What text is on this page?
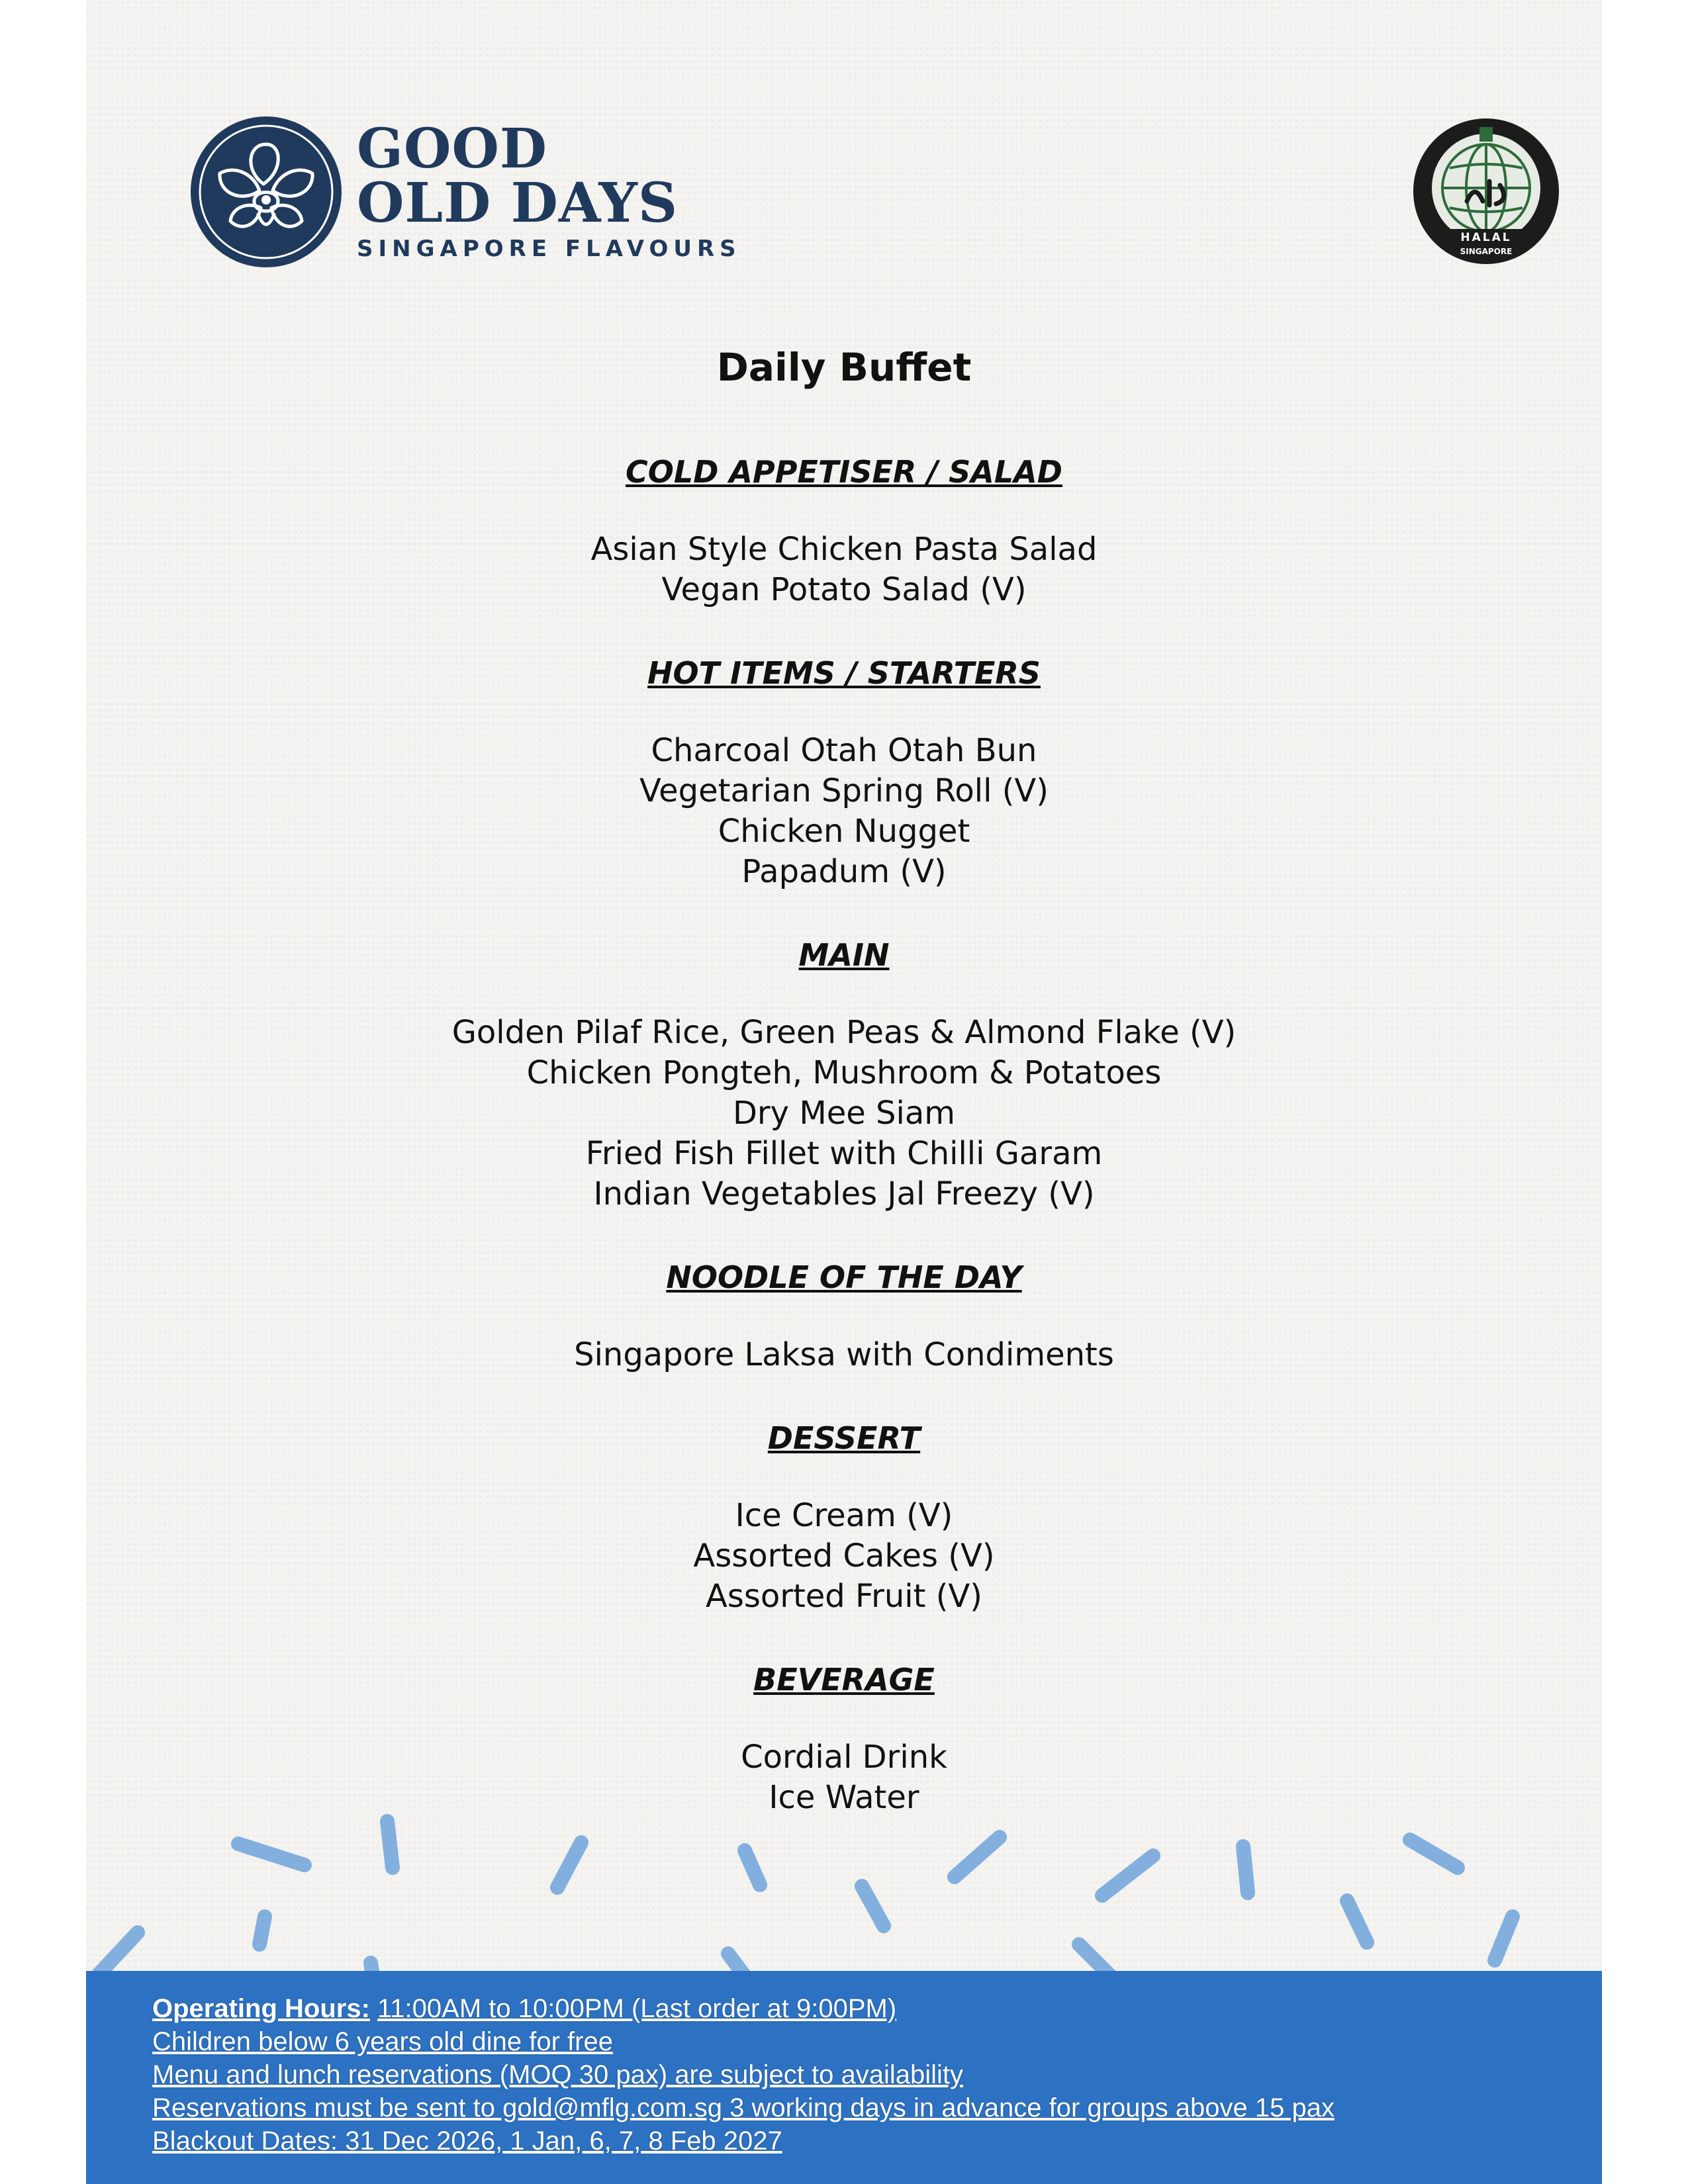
GOOD
OLD DAYS
SINGAPORE FLAVOURS	HALAL
SINGAPORE
Daily Buffet
COLD APPETISER / SALAD
Asian Style Chicken Pasta Salad
Vegan Potato Salad (V)
HOT ITEMS / STARTERS
Charcoal Otah Otah Bun
Vegetarian Spring Roll (V)
Chicken Nugget
Papadum (V)
MAIN
Golden Pilaf Rice, Green Peas & Almond Flake (V)
Chicken Pongteh, Mushroom & Potatoes
Dry Mee Siam
Fried Fish Fillet with Chilli Garam
Indian Vegetables Jal Freezy (V)
NOODLE OF THE DAY
Singapore Laksa with Condiments
DESSERT
Ice Cream (V)
Assorted Cakes (V)
Assorted Fruit (V)
BEVERAGE
Cordial Drink
Ice Water
Operating Hours: 11:00AM to 10:00PM (Last order at 9:00PM)
Children below 6 years old dine for free
Menu and lunch reservations (MOQ 30 pax) are subject to availability
Reservations must be sent to gold@mflg.com.sg 3 working days in advance for groups above 15 pax
Blackout Dates: 31 Dec 2026, 1 Jan, 6, 7, 8 Feb 2027
